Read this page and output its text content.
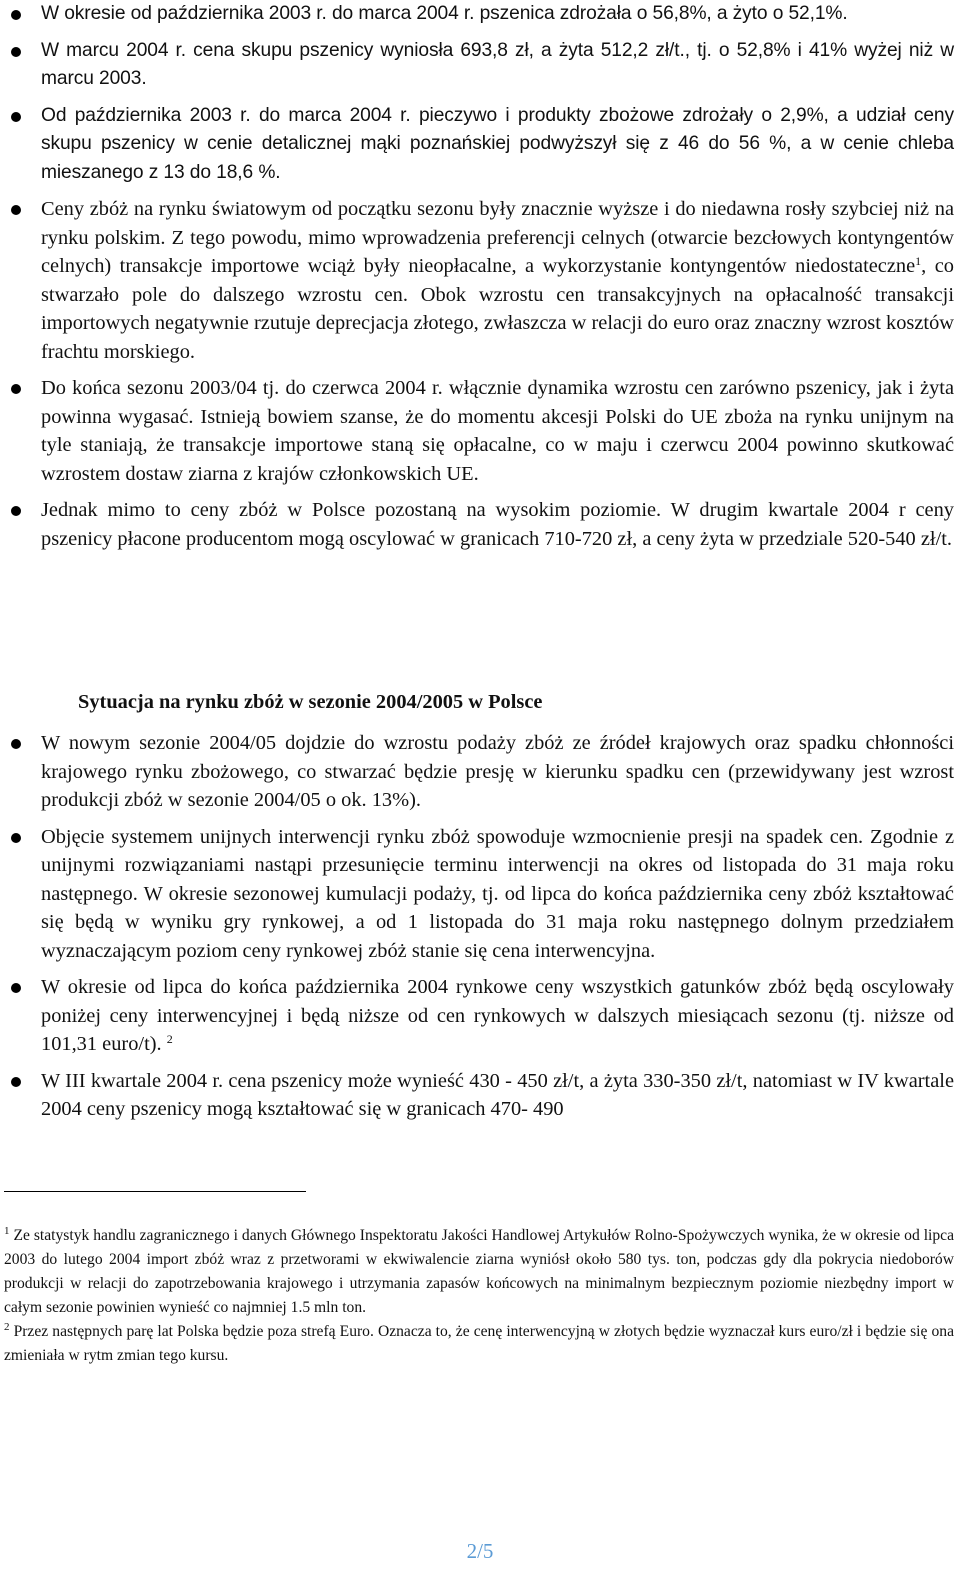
W okresie od października 2003 r. do marca 2004 r. pszenica zdrożała o 56,8%, a żyto o 52,1%.
W marcu 2004 r. cena skupu pszenicy wyniosła 693,8 zł, a żyta 512,2 zł/t., tj. o 52,8% i 41% wyżej niż w marcu 2003.
Od października 2003 r. do marca 2004 r. pieczywo i produkty zbożowe zdrożały o 2,9%, a udział ceny skupu pszenicy w cenie detalicznej mąki poznańskiej podwyższył się z 46 do 56 %, a w cenie chleba mieszanego z 13 do 18,6 %.
Ceny zbóż na rynku światowym od początku sezonu były znacznie wyższe i do niedawna rosły szybciej niż na rynku polskim. Z tego powodu, mimo wprowadzenia preferencji celnych (otwarcie bezcłowych kontyngentów celnych) transakcje importowe wciąż były nieopłacalne, a wykorzystanie kontyngentów niedostateczne$^1$, co stwarzało pole do dalszego wzrostu cen. Obok wzrostu cen transakcyjnych na opłacalność transakcji importowych negatywnie rzutuje deprecjacja złotego, zwłaszcza w relacji do euro oraz znaczny wzrost kosztów frachtu morskiego.
Do końca sezonu 2003/04 tj. do czerwca 2004 r. włącznie dynamika wzrostu cen zarówno pszenicy, jak i żyta powinna wygasać. Istnieją bowiem szanse, że do momentu akcesji Polski do UE zboża na rynku unijnym na tyle staniają, że transakcje importowe staną się opłacalne, co w maju i czerwcu 2004 powinno skutkować wzrostem dostaw ziarna z krajów członkowskich UE.
Jednak mimo to ceny zbóż w Polsce pozostaną na wysokim poziomie. W drugim kwartale 2004 r ceny pszenicy płacone producentom mogą oscylować w granicach 710-720 zł, a ceny żyta w przedziale 520-540 zł/t.
Sytuacja na rynku zbóż w sezonie 2004/2005 w Polsce
W nowym sezonie 2004/05 dojdzie do wzrostu podaży zbóż ze źródeł krajowych oraz spadku chłonności krajowego rynku zbożowego, co stwarzać będzie presję w kierunku spadku cen (przewidywany jest wzrost produkcji zbóż w sezonie 2004/05 o ok. 13%).
Objęcie systemem unijnych interwencji rynku zbóż spowoduje wzmocnienie presji na spadek cen. Zgodnie z unijnymi rozwiązaniami nastąpi przesunięcie terminu interwencji na okres od listopada do 31 maja roku następnego. W okresie sezonowej kumulacji podaży, tj. od lipca do końca października ceny zbóż kształtować się będą w wyniku gry rynkowej, a od 1 listopada do 31 maja roku następnego dolnym przedziałem wyznaczającym poziom ceny rynkowej zbóż stanie się cena interwencyjna.
W okresie od lipca do końca października 2004 rynkowe ceny wszystkich gatunków zbóż będą oscylowały poniżej ceny interwencyjnej i będą niższe od cen rynkowych w dalszych miesiącach sezonu (tj. niższe od 101,31 euro/t). $^2$
W III kwartale 2004 r. cena pszenicy może wynieść 430 - 450 zł/t, a żyta 330-350 zł/t, natomiast w IV kwartale 2004 ceny pszenicy mogą kształtować się w granicach 470- 490

$^1$ Ze statystyk handlu zagranicznego i danych Głównego Inspektoratu Jakości Handlowej Artykułów Rolno-Spożywczych wynika, że w okresie od lipca 2003 do lutego 2004 import zbóż wraz z przetworami w ekwiwalencie ziarna wyniósł około 580 tys. ton, podczas gdy dla pokrycia niedoborów produkcji w relacji do zapotrzebowania krajowego i utrzymania zapasów końcowych na minimalnym bezpiecznym poziomie niezbędny import w całym sezonie powinien wynieść co najmniej 1.5 mln ton.

$^2$ Przez następnych parę lat Polska będzie poza strefą Euro. Oznacza to, że cenę interwencyjną w złotych będzie wyznaczał kurs euro/zł i będzie się ona zmieniała w rytm zmian tego kursu.

2/5
